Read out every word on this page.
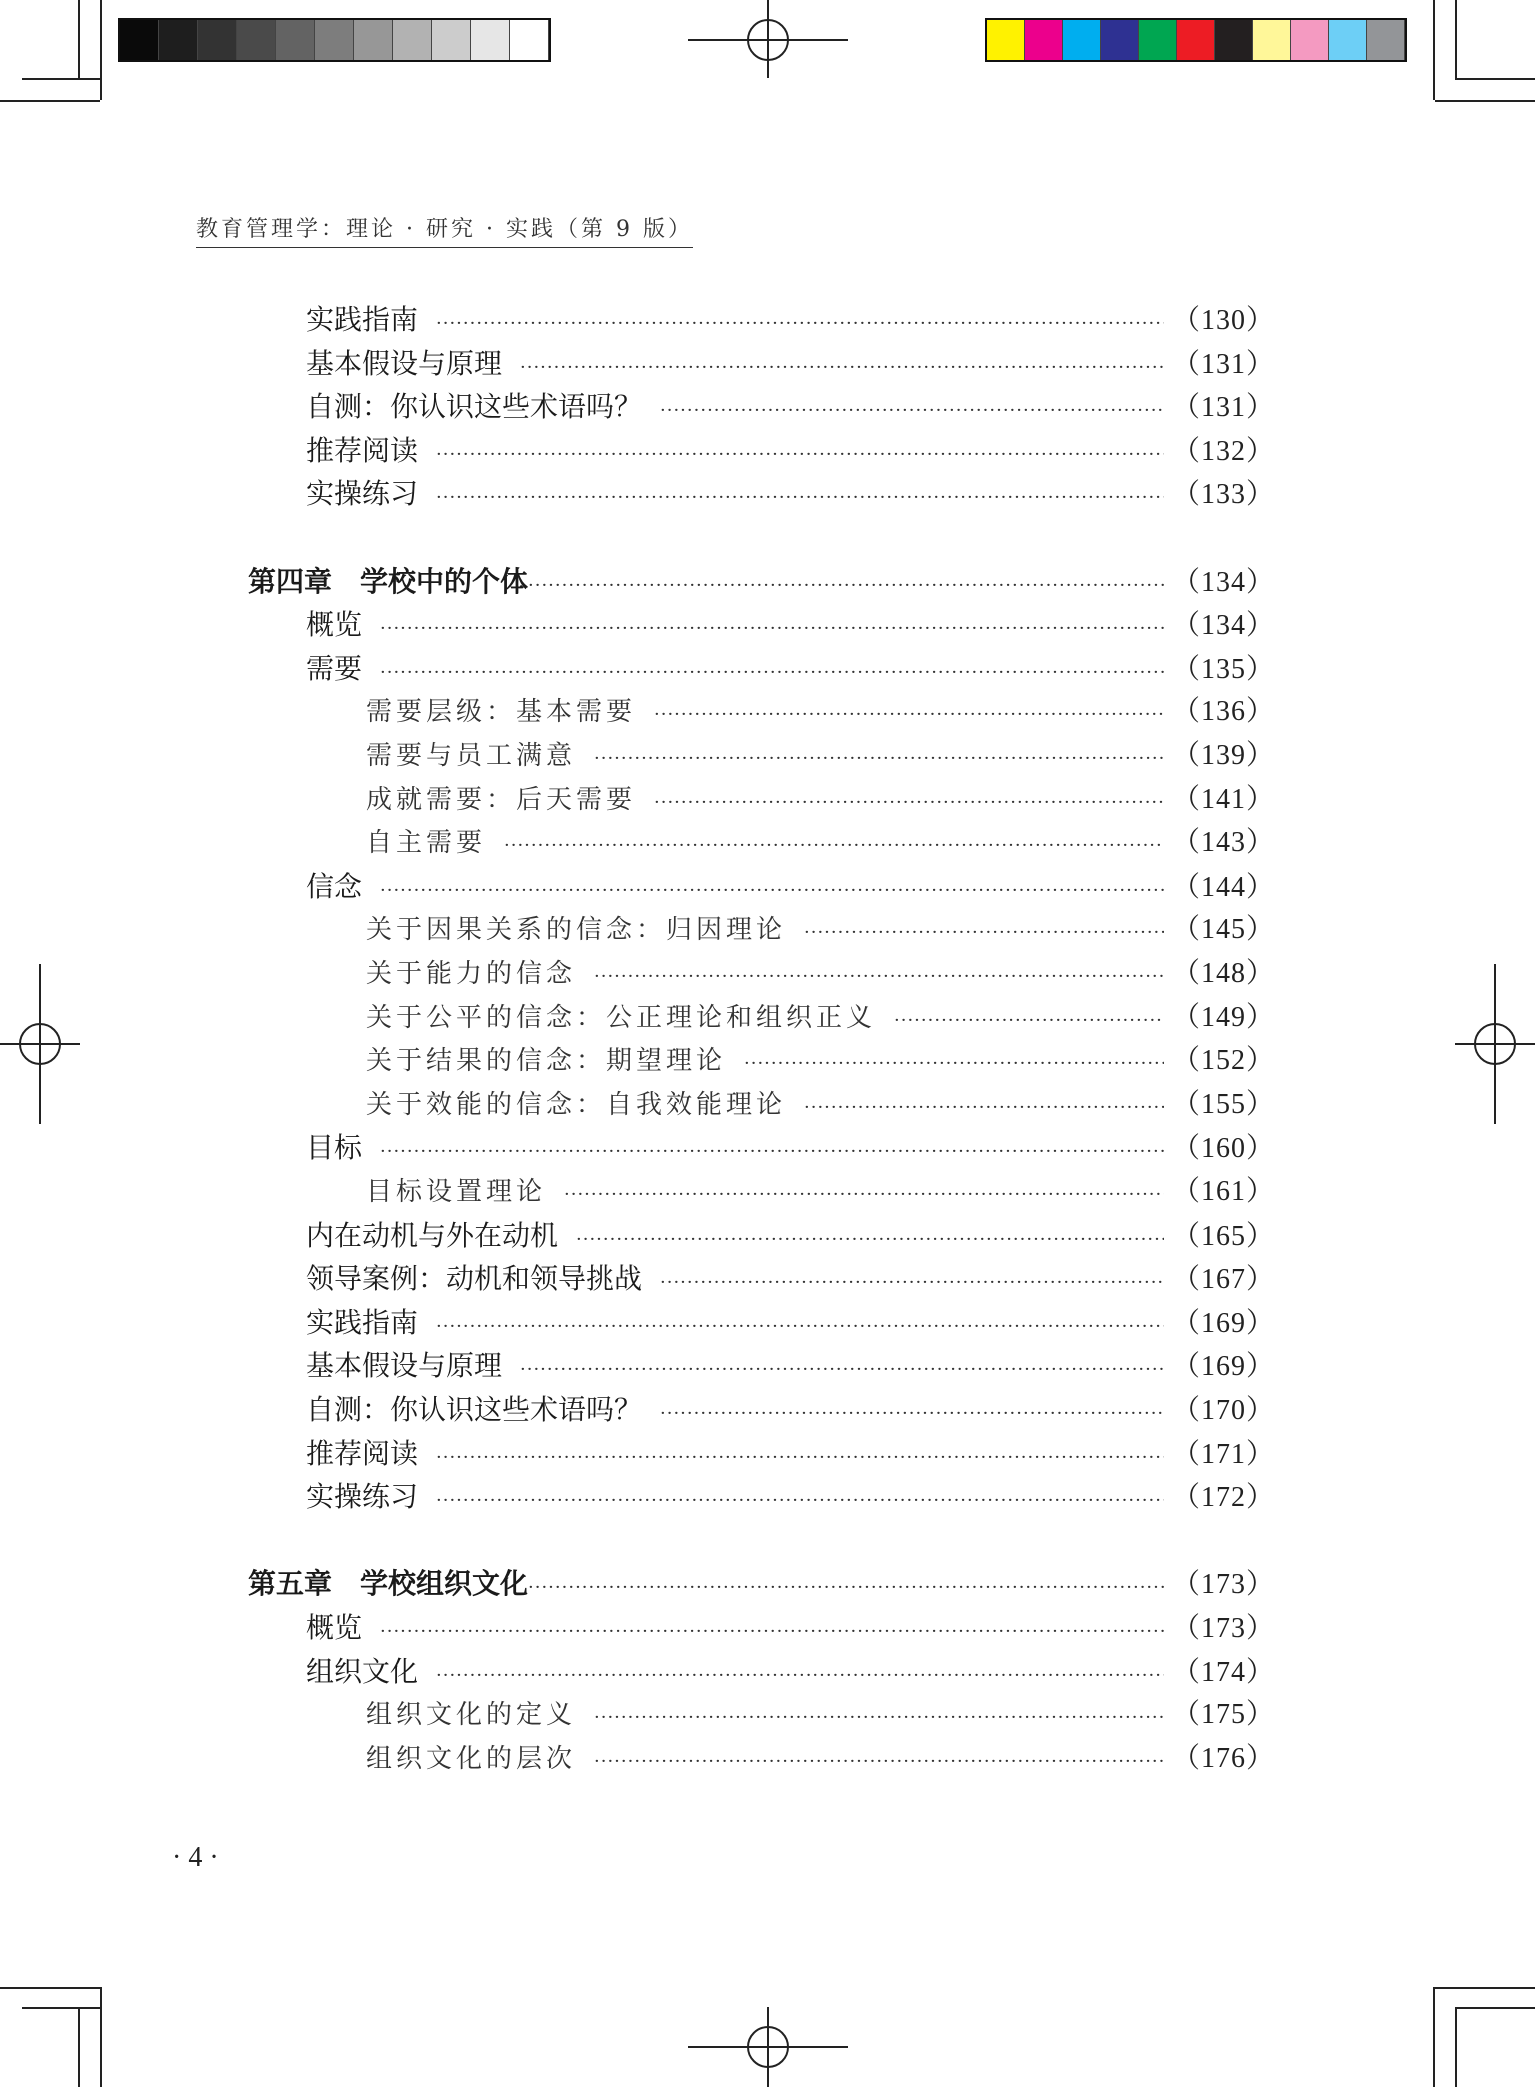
教育管理学：理论 · 研究 · 实践（第 9 版）
实践指南 ·····	（130）
基本假设与原理 ·····	（131）
自测：你认识这些术语吗？ ·····	（131）
推荐阅读 ·····	（132）
实操练习 ·····	（133）
第四章　学校中的个体 ·····	（134）
概览 ·····	（134）
需要 ·····	（135）
需要层级：基本需要 ·····	（136）
需要与员工满意 ·····	（139）
成就需要：后天需要 ·····	（141）
自主需要 ·····	（143）
信念 ·····	（144）
关于因果关系的信念：归因理论 ·····	（145）
关于能力的信念 ·····	（148）
关于公平的信念：公正理论和组织正义 ·····	（149）
关于结果的信念：期望理论 ·····	（152）
关于效能的信念：自我效能理论 ·····	（155）
目标 ·····	（160）
目标设置理论 ·····	（161）
内在动机与外在动机 ·····	（165）
领导案例：动机和领导挑战 ·····	（167）
实践指南 ·····	（169）
基本假设与原理 ·····	（169）
自测：你认识这些术语吗？ ·····	（170）
推荐阅读 ·····	（171）
实操练习 ·····	（172）
第五章　学校组织文化 ·····	（173）
概览 ·····	（173）
组织文化 ·····	（174）
组织文化的定义 ·····	（175）
组织文化的层次 ·····	（176）
· 4 ·
